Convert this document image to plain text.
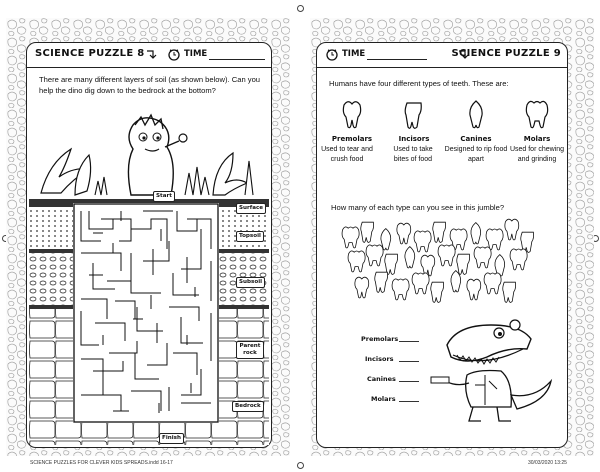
SCIENCE PUZZLE 8	TIME
There are many different layers of soil (as shown below). Can you help the dino dig down to the bedrock at the bottom?
Start
Finish
Surface
Topsoil
Subsoil
Parent rock
Bedrock
TIME	SCIENCE PUZZLE 9
Humans have four different types of teeth. These are:
Premolars
Used to tear and crush food
Incisors
Used to take bites of food
Canines
Designed to rip food apart
Molars
Used for chewing and grinding
How many of each type can you see in this jumble?
Premolars
Incisors
Canines
Molars
SCIENCE PUZZLES FOR CLEVER KIDS SPREADS.indd 16-17	30/03/2020 13:25
